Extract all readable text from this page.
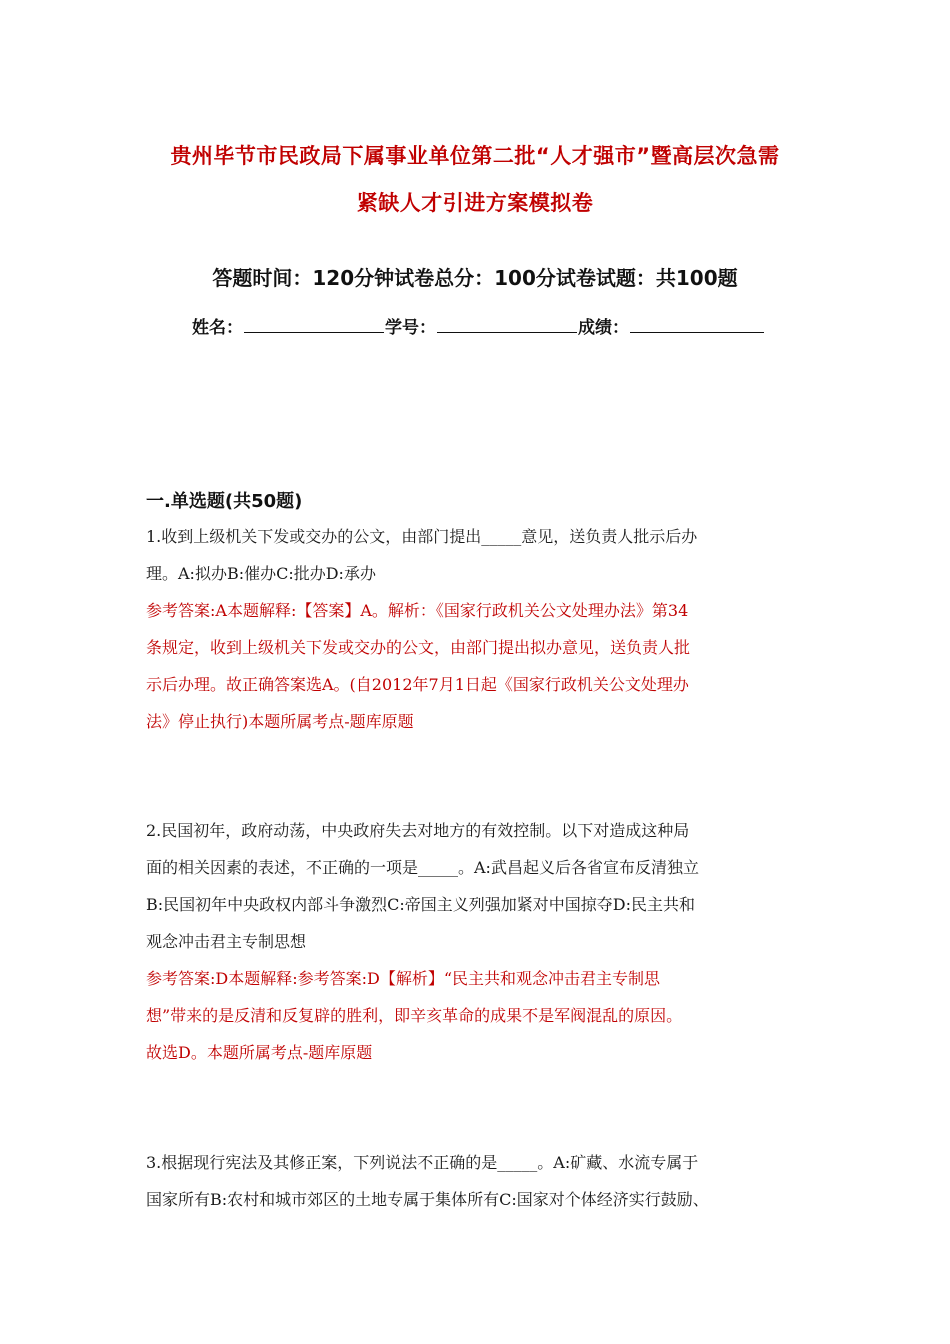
贵州毕节市民政局下属事业单位第二批“人才强市”暨高层次急需
紧缺人才引进方案模拟卷
答题时间：120分钟试卷总分：100分试卷试题：共100题
姓名：	学号：	成绩：
一.单选题(共50题)
1.收到上级机关下发或交办的公文，由部门提出_____意见，送负责人批示后办
理。A:拟办B:催办C:批办D:承办
参考答案:A本题解释:【答案】A。解析：《国家行政机关公文处理办法》第34
条规定，收到上级机关下发或交办的公文，由部门提出拟办意见，送负责人批
示后办理。故正确答案选A。(自2012年7月1日起《国家行政机关公文处理办
法》停止执行)本题所属考点-题库原题
2.民国初年，政府动荡，中央政府失去对地方的有效控制。以下对造成这种局
面的相关因素的表述，不正确的一项是_____。A:武昌起义后各省宣布反清独立
B:民国初年中央政权内部斗争激烈C:帝国主义列强加紧对中国掠夺D:民主共和
观念冲击君主专制思想
参考答案:D本题解释:参考答案:D【解析】“民主共和观念冲击君主专制思
想”带来的是反清和反复辟的胜利，即辛亥革命的成果不是军阀混乱的原因。
故选D。本题所属考点-题库原题
3.根据现行宪法及其修正案，下列说法不正确的是_____。A:矿藏、水流专属于
国家所有B:农村和城市郊区的土地专属于集体所有C:国家对个体经济实行鼓励、
